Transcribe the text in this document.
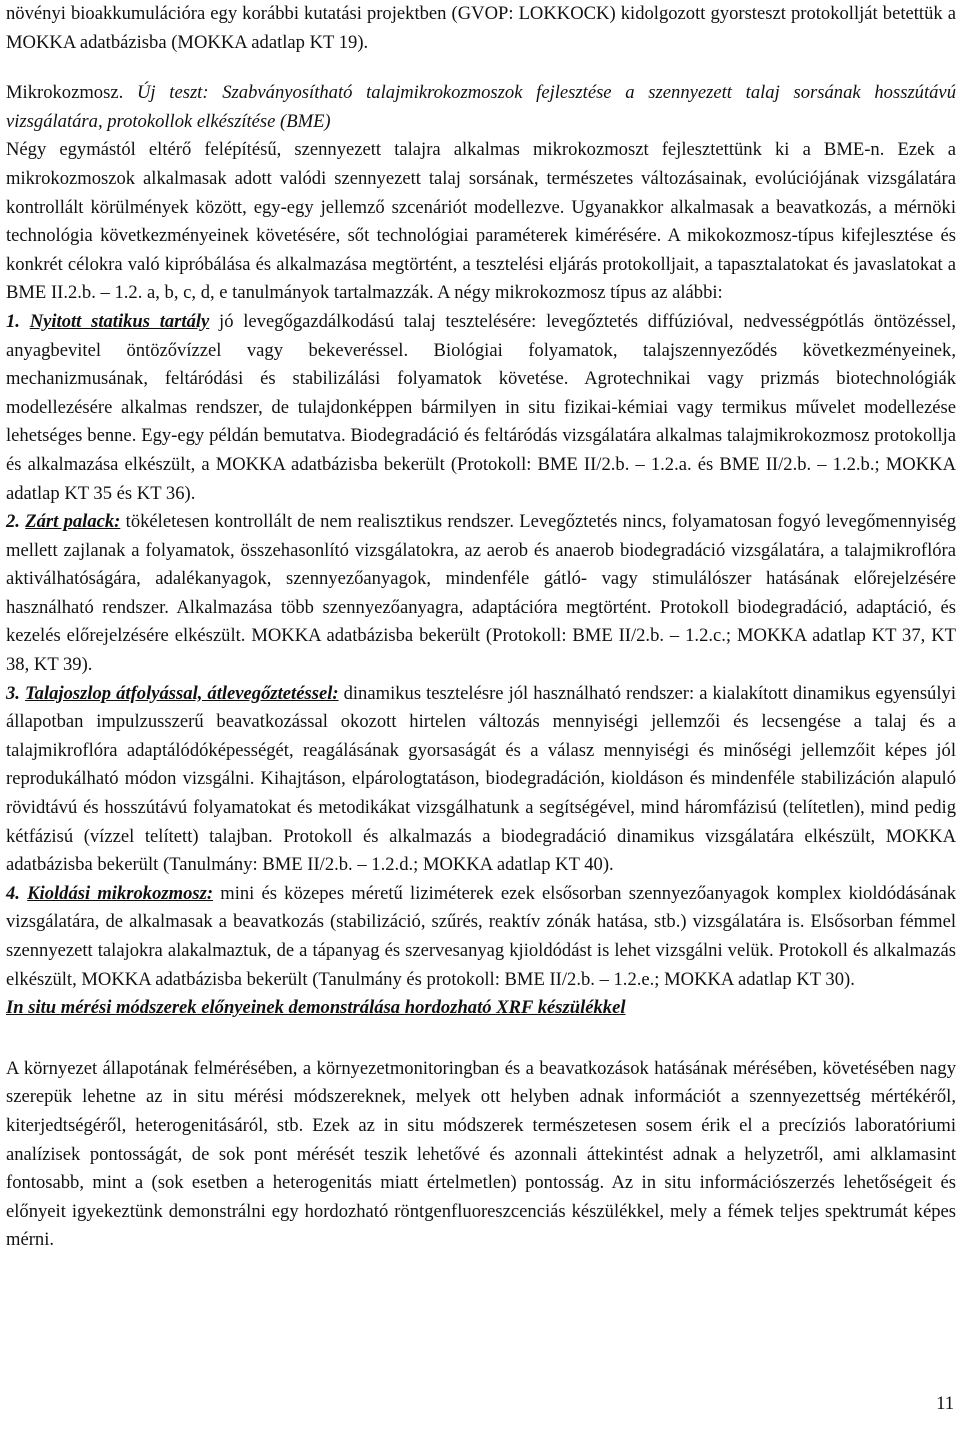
növényi bioakkumulációra egy korábbi kutatási projektben (GVOP: LOKKOCK) kidolgozott gyorsteszt protokollját betettük a MOKKA adatbázisba (MOKKA adatlap KT 19).

Mikrokozmosz. Új teszt: Szabványosítható talajmikrokozmoszok fejlesztése a szennyezett talaj sorsának hosszútávú vizsgálatára, protokollok elkészítése (BME)

Négy egymástól eltérő felépítésű, szennyezett talajra alkalmas mikrokozmoszt fejlesztettünk ki a BME-n. Ezek a mikrokozmoszok alkalmasak adott valódi szennyezett talaj sorsának, természetes változásainak, evolúciójának vizsgálatára kontrollált körülmények között, egy-egy jellemző szcenáriót modellezve. Ugyanakkor alkalmasak a beavatkozás, a mérnöki technológia következményeinek követésére, sőt technológiai paraméterek kimérésére. A mikokozmosz-típus kifejlesztése és konkrét célokra való kipróbálása és alkalmazása megtörtént, a tesztelési eljárás protokolljait, a tapasztalatokat és javaslatokat a BME II.2.b. – 1.2. a, b, c, d, e tanulmányok tartalmazzák. A négy mikrokozmosz típus az alábbi:

1. Nyitott statikus tartály jó levegőgazdálkodású talaj tesztelésére: levegőztetés diffúzióval, nedvességpótlás öntözéssel, anyagbevitel öntözővízzel vagy bekeveréssel. Biológiai folyamatok, talajszennyeződés következményeinek, mechanizmusának, feltáródási és stabilizálási folyamatok követése. Agrotechnikai vagy prizmás biotechnológiák modellezésére alkalmas rendszer, de tulajdonképpen bármilyen in situ fizikai-kémiai vagy termikus művelet modellezése lehetséges benne. Egy-egy példán bemutatva. Biodegradáció és feltáródás vizsgálatára alkalmas talajmikrokozmosz protokollja és alkalmazása elkészült, a MOKKA adatbázisba bekerült (Protokoll: BME II/2.b. – 1.2.a. és BME II/2.b. – 1.2.b.; MOKKA adatlap KT 35 és KT 36).

2. Zárt palack: tökéletesen kontrollált de nem realisztikus rendszer. Levegőztetés nincs, folyamatosan fogyó levegőmennyiség mellett zajlanak a folyamatok, összehasonlító vizsgálatokra, az aerob és anaerob biodegradáció vizsgálatára, a talajmikroflóra aktiválhatóságára, adalékanyagok, szennyezőanyagok, mindenféle gátló- vagy stimulálószer hatásának előrejelzésére használható rendszer. Alkalmazása több szennyezőanyagra, adaptációra megtörtént. Protokoll biodegradáció, adaptáció, és kezelés előrejelzésére elkészült. MOKKA adatbázisba bekerült (Protokoll: BME II/2.b. – 1.2.c.; MOKKA adatlap KT 37, KT 38, KT 39).

3. Talajoszlop átfolyással, átlevegőztetéssel: dinamikus tesztelésre jól használható rendszer: a kialakított dinamikus egyensúlyi állapotban impulzusszerű beavatkozással okozott hirtelen változás mennyiségi jellemzői és lecsengése a talaj és a talajmikroflóra adaptálódóképességét, reagálásának gyorsaságát és a válasz mennyiségi és minőségi jellemzőit képes jól reprodukálható módon vizsgálni. Kihajtáson, elpárologtatáson, biodegradáción, kioldáson és mindenféle stabilizáción alapuló rövidtávú és hosszútávú folyamatokat és metodikákat vizsgálhatunk a segítségével, mind háromfázisú (telítetlen), mind pedig kétfázisú (vízzel telített) talajban. Protokoll és alkalmazás a biodegradáció dinamikus vizsgálatára elkészült, MOKKA adatbázisba bekerült (Tanulmány: BME II/2.b. – 1.2.d.; MOKKA adatlap KT 40).

4. Kioldási mikrokozmosz: mini és közepes méretű liziméterek ezek elsősorban szennyezőanyagok komplex kioldódásának vizsgálatára, de alkalmasak a beavatkozás (stabilizáció, szűrés, reaktív zónák hatása, stb.) vizsgálatára is. Elsősorban fémmel szennyezett talajokra alakalmaztuk, de a tápanyag és szervesanyag kjioldódást is lehet vizsgálni velük. Protokoll és alkalmazás elkészült, MOKKA adatbázisba bekerült (Tanulmány és protokoll: BME II/2.b. – 1.2.e.; MOKKA adatlap KT 30).

In situ mérési módszerek előnyeinek demonstrálása hordozható XRF készülékkel

A környezet állapotának felmérésében, a környezetmonitoringban és a beavatkozások hatásának mérésében, követésében nagy szerepük lehetne az in situ mérési módszereknek, melyek ott helyben adnak információt a szennyezettség mértékéről, kiterjedtségéről, heterogenitásáról, stb. Ezek az in situ módszerek természetesen sosem érik el a precíziós laboratóriumi analízisek pontosságát, de sok pont mérését teszik lehetővé és azonnali áttekintést adnak a helyzetről, ami alklamasint fontosabb, mint a (sok esetben a heterogenitás miatt értelmetlen) pontosság. Az in situ információszerzés lehetőségeit és előnyeit igyekeztünk demonstrálni egy hordozható röntgenfluoreszcenciás készülékkel, mely a fémek teljes spektrumát képes mérni.

11
